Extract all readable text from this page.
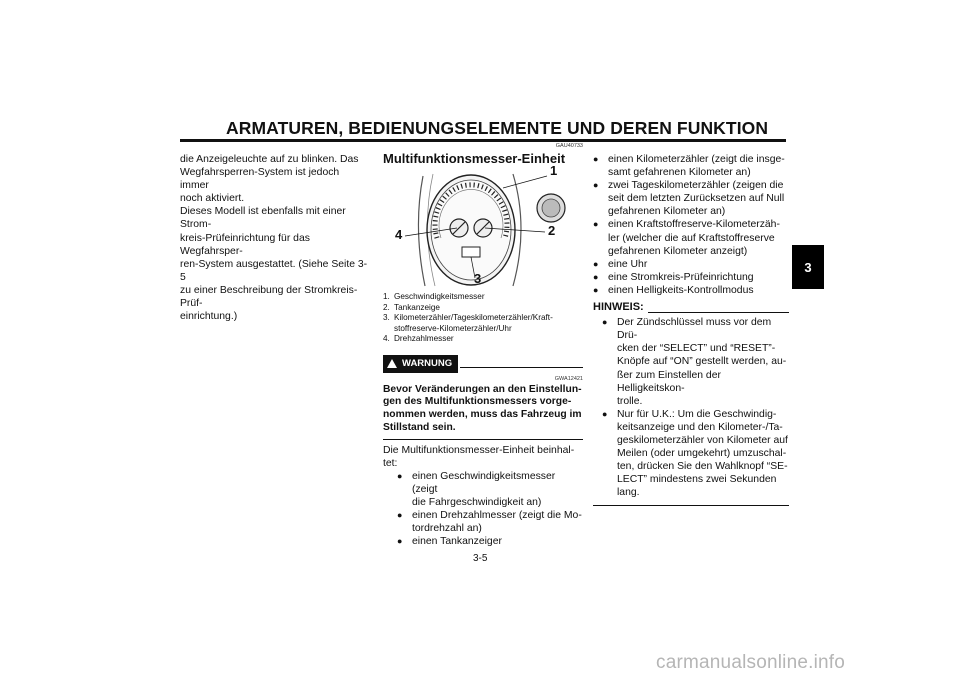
ARMATUREN, BEDIENUNGSELEMENTE UND DEREN FUNKTION
3
die Anzeigeleuchte auf zu blinken. Das
Wegfahrsperren-System ist jedoch immer
noch aktiviert.
Dieses Modell ist ebenfalls mit einer Strom-
kreis-Prüfeinrichtung für das Wegfahrsper-
ren-System ausgestattet. (Siehe Seite 3-5
zu einer Beschreibung der Stromkreis-Prüf-
einrichtung.)
GAU40733
Multifunktionsmesser-Einheit
1
2
3
4
1. Geschwindigkeitsmesser
2. Tankanzeige
3. Kilometerzähler/Tageskilometerzähler/Kraft-
stoffreserve-Kilometerzähler/Uhr
4. Drehzahlmesser
WARNUNG
GWA12421
Bevor Veränderungen an den Einstellun-
gen des Multifunktionsmessers vorge-
nommen werden, muss das Fahrzeug im
Stillstand sein.
Die Multifunktionsmesser-Einheit beinhal-
tet:
● einen Geschwindigkeitsmesser (zeigt
die Fahrgeschwindigkeit an)
● einen Drehzahlmesser (zeigt die Mo-
tordrehzahl an)
● einen Tankanzeiger
● einen Kilometerzähler (zeigt die insge-
samt gefahrenen Kilometer an)
● zwei Tageskilometerzähler (zeigen die
seit dem letzten Zurücksetzen auf Null
gefahrenen Kilometer an)
● einen Kraftstoffreserve-Kilometerzäh-
ler (welcher die auf Kraftstoffreserve
gefahrenen Kilometer anzeigt)
● eine Uhr
● eine Stromkreis-Prüfeinrichtung
● einen Helligkeits-Kontrollmodus
HINWEIS:
● Der Zündschlüssel muss vor dem Drü-
cken der “SELECT” und “RESET”-
Knöpfe auf “ON” gestellt werden, au-
ßer zum Einstellen der Helligkeitskon-
trolle.
● Nur für U.K.: Um die Geschwindig-
keitsanzeige und den Kilometer-/Ta-
geskilometerzähler von Kilometer auf
Meilen (oder umgekehrt) umzuschal-
ten, drücken Sie den Wahlknopf “SE-
LECT” mindestens zwei Sekunden
lang.
3-5
carmanualsonline.info
